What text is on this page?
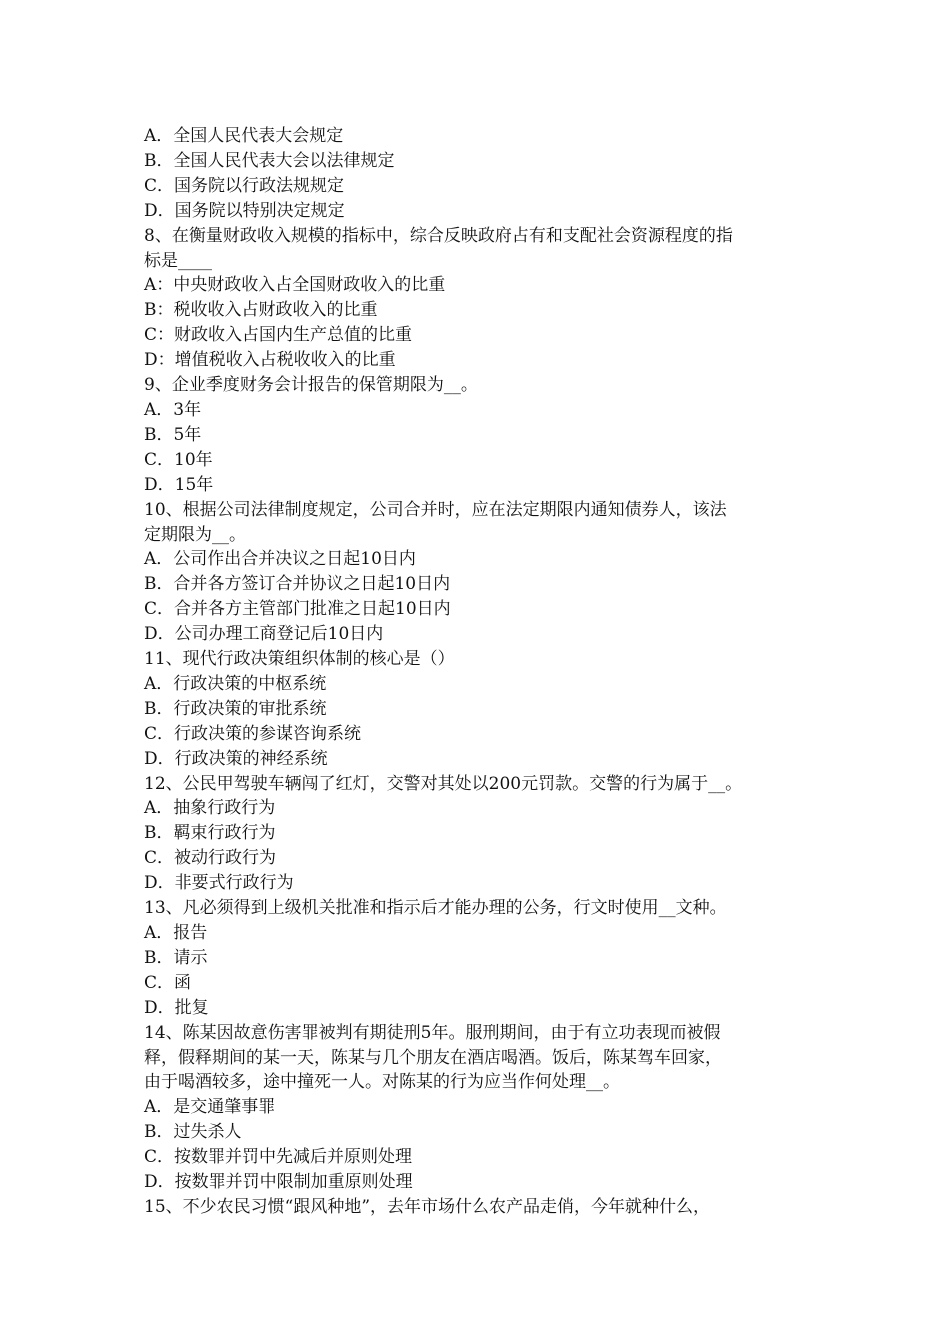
A．全国人民代表大会规定

B．全国人民代表大会以法律规定

C．国务院以行政法规规定

D．国务院以特别决定规定

8、在衡量财政收入规模的指标中，综合反映政府占有和支配社会资源程度的指

标是____

A：中央财政收入占全国财政收入的比重

B：税收收入占财政收入的比重

C：财政收入占国内生产总值的比重

D：增值税收入占税收收入的比重

9、企业季度财务会计报告的保管期限为__。

A．3年

B．5年

C．10年

D．15年

10、根据公司法律制度规定，公司合并时，应在法定期限内通知债券人，该法

定期限为__。

A．公司作出合并决议之日起10日内

B．合并各方签订合并协议之日起10日内

C．合并各方主管部门批准之日起10日内

D．公司办理工商登记后10日内

11、现代行政决策组织体制的核心是（）

A．行政决策的中枢系统

B．行政决策的审批系统

C．行政决策的参谋咨询系统

D．行政决策的神经系统

12、公民甲驾驶车辆闯了红灯，交警对其处以200元罚款。交警的行为属于__。

A．抽象行政行为

B．羁束行政行为

C．被动行政行为

D．非要式行政行为

13、凡必须得到上级机关批准和指示后才能办理的公务，行文时使用__文种。

A．报告

B．请示

C．函

D．批复

14、陈某因故意伤害罪被判有期徒刑5年。服刑期间，由于有立功表现而被假

释，假释期间的某一天，陈某与几个朋友在酒店喝酒。饭后，陈某驾车回家，

由于喝酒较多，途中撞死一人。对陈某的行为应当作何处理__。

A．是交通肇事罪

B．过失杀人

C．按数罪并罚中先减后并原则处理

D．按数罪并罚中限制加重原则处理

15、不少农民习惯“跟风种地”，去年市场什么农产品走俏，今年就种什么，
